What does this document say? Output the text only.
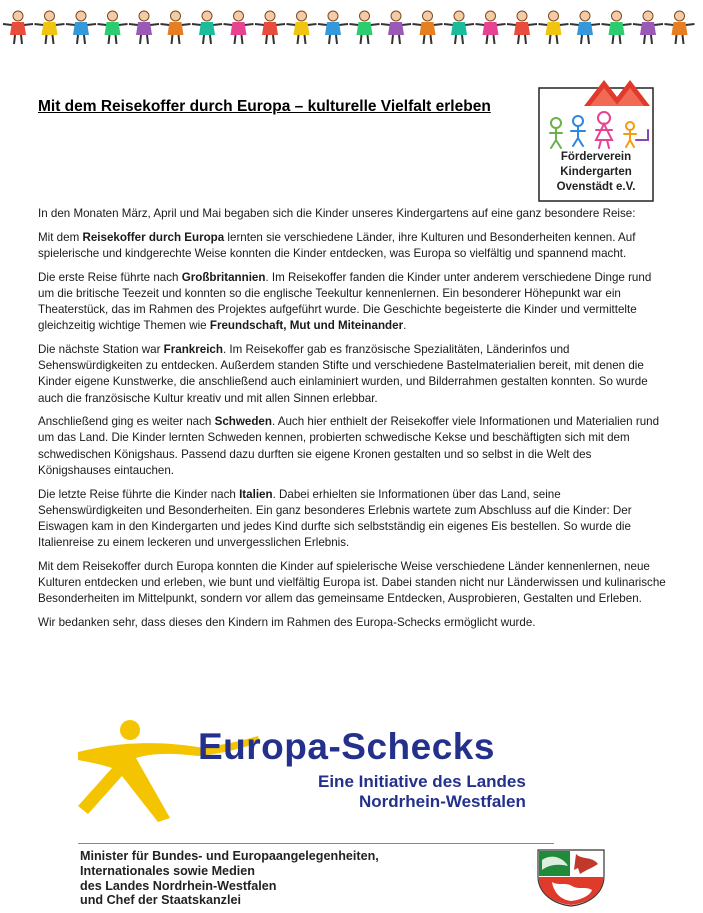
Mit dem Reisekoffer durch Europa – kulturelle Vielfalt erleben
Förderverein
Kindergarten
Ovenstädt e.V.

In den Monaten März, April und Mai begaben sich die Kinder unseres Kindergartens auf eine ganz besondere Reise:

Mit dem Reisekoffer durch Europa lernten sie verschiedene Länder, ihre Kulturen und Besonderheiten kennen. Auf spielerische und kindgerechte Weise konnten die Kinder entdecken, was Europa so vielfältig und spannend macht.

Die erste Reise führte nach Großbritannien. Im Reisekoffer fanden die Kinder unter anderem verschiedene Dinge rund um die britische Teezeit und konnten so die englische Teekultur kennenlernen. Ein besonderer Höhepunkt war ein Theaterstück, das im Rahmen des Projektes aufgeführt wurde. Die Geschichte begeisterte die Kinder und vermittelte gleichzeitig wichtige Themen wie Freundschaft, Mut und Miteinander.

Die nächste Station war Frankreich. Im Reisekoffer gab es französische Spezialitäten, Länderinfos und Sehenswürdigkeiten zu entdecken. Außerdem standen Stifte und verschiedene Bastelmaterialien bereit, mit denen die Kinder eigene Kunstwerke, die anschließend auch einlaminiert wurden, und Bilderrahmen gestalten konnten. So wurde auch die französische Kultur kreativ und mit allen Sinnen erlebbar.

Anschließend ging es weiter nach Schweden. Auch hier enthielt der Reisekoffer viele Informationen und Materialien rund um das Land. Die Kinder lernten Schweden kennen, probierten schwedische Kekse und beschäftigten sich mit dem schwedischen Königshaus. Passend dazu durften sie eigene Kronen gestalten und so selbst in die Welt des Königshauses eintauchen.

Die letzte Reise führte die Kinder nach Italien. Dabei erhielten sie Informationen über das Land, seine Sehenswürdigkeiten und Besonderheiten. Ein ganz besonderes Erlebnis wartete zum Abschluss auf die Kinder: Der Eiswagen kam in den Kindergarten und jedes Kind durfte sich selbstständig ein eigenes Eis bestellen. So wurde die Italienreise zu einem leckeren und unvergesslichen Erlebnis.

Mit dem Reisekoffer durch Europa konnten die Kinder auf spielerische Weise verschiedene Länder kennenlernen, neue Kulturen entdecken und erleben, wie bunt und vielfältig Europa ist. Dabei standen nicht nur Länderwissen und kulinarische Besonderheiten im Mittelpunkt, sondern vor allem das gemeinsame Entdecken, Ausprobieren, Gestalten und Erleben.

Wir bedanken sehr, dass dieses den Kindern im Rahmen des Europa-Schecks ermöglicht wurde.

Europa-Schecks
Eine Initiative des Landes
Nordrhein-Westfalen
Minister für Bundes- und Europaangelegenheiten,
Internationales sowie Medien
des Landes Nordrhein-Westfalen
und Chef der Staatskanzlei
